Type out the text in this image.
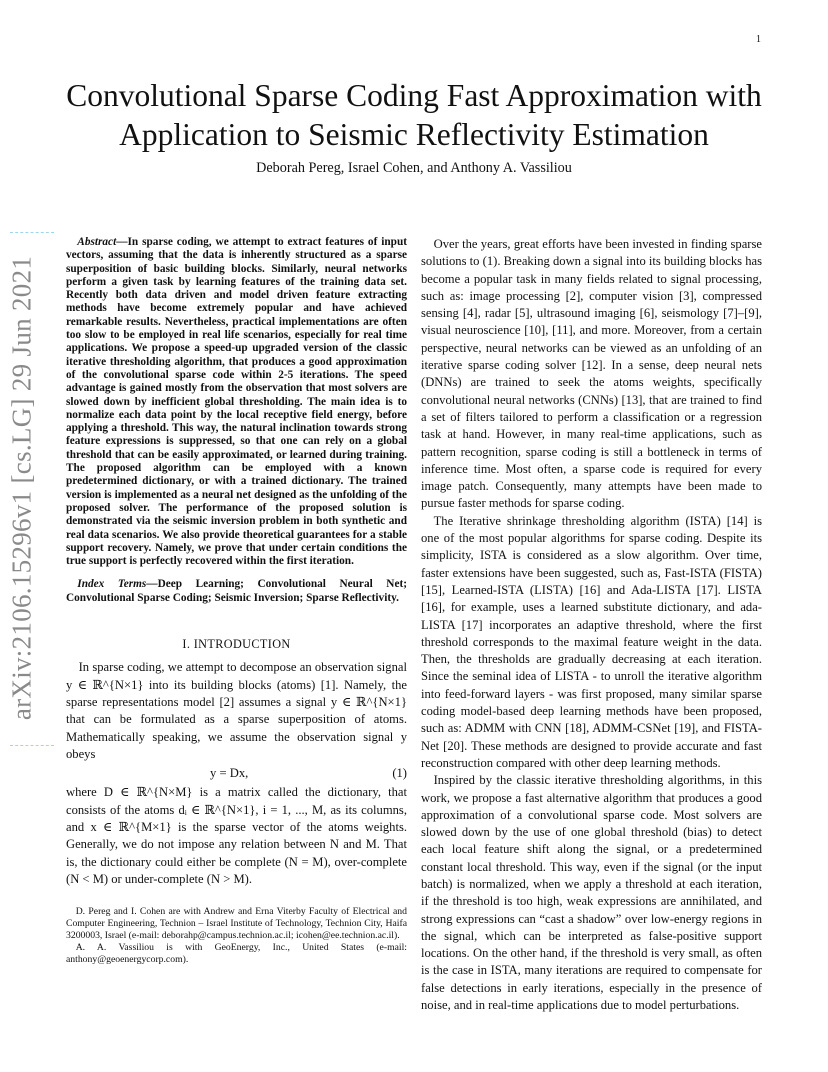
1
Convolutional Sparse Coding Fast Approximation with Application to Seismic Reflectivity Estimation
Deborah Pereg, Israel Cohen, and Anthony A. Vassiliou
arXiv:2106.15296v1 [cs.LG] 29 Jun 2021

Abstract—In sparse coding, we attempt to extract features of input vectors, assuming that the data is inherently structured as a sparse superposition of basic building blocks. Similarly, neural networks perform a given task by learning features of the training data set. Recently both data driven and model driven feature extracting methods have become extremely popular and have achieved remarkable results. Nevertheless, practical implementations are often too slow to be employed in real life scenarios, especially for real time applications. We propose a speed-up upgraded version of the classic iterative thresholding algorithm, that produces a good approximation of the convolutional sparse code within 2-5 iterations. The speed advantage is gained mostly from the observation that most solvers are slowed down by inefficient global thresholding. The main idea is to normalize each data point by the local receptive field energy, before applying a threshold. This way, the natural inclination towards strong feature expressions is suppressed, so that one can rely on a global threshold that can be easily approximated, or learned during training. The proposed algorithm can be employed with a known predetermined dictionary, or with a trained dictionary. The trained version is implemented as a neural net designed as the unfolding of the proposed solver. The performance of the proposed solution is demonstrated via the seismic inversion problem in both synthetic and real data scenarios. We also provide theoretical guarantees for a stable support recovery. Namely, we prove that under certain conditions the true support is perfectly recovered within the first iteration.

Index Terms—Deep Learning; Convolutional Neural Net; Convolutional Sparse Coding; Seismic Inversion; Sparse Reflectivity.

I. INTRODUCTION

In sparse coding, we attempt to decompose an observation signal y ∈ ℝ^{N×1} into its building blocks (atoms) [1]. Namely, the sparse representations model [2] assumes a signal y ∈ ℝ^{N×1} that can be formulated as a sparse superposition of atoms. Mathematically speaking, we assume the observation signal y obeys

y = Dx,	(1)

where D ∈ ℝ^{N×M} is a matrix called the dictionary, that consists of the atoms dᵢ ∈ ℝ^{N×1}, i = 1, ..., M, as its columns, and x ∈ ℝ^{M×1} is the sparse vector of the atoms weights. Generally, we do not impose any relation between N and M. That is, the dictionary could either be complete (N = M), over-complete (N < M) or under-complete (N > M).

D. Pereg and I. Cohen are with Andrew and Erna Viterby Faculty of Electrical and Computer Engineering, Technion – Israel Institute of Technology, Technion City, Haifa 3200003, Israel (e-mail: deborahp@campus.technion.ac.il; icohen@ee.technion.ac.il).

A. A. Vassiliou is with GeoEnergy, Inc., United States (e-mail: anthony@geoenergycorp.com).

Over the years, great efforts have been invested in finding sparse solutions to (1). Breaking down a signal into its building blocks has become a popular task in many fields related to signal processing, such as: image processing [2], computer vision [3], compressed sensing [4], radar [5], ultrasound imaging [6], seismology [7]–[9], visual neuroscience [10], [11], and more. Moreover, from a certain perspective, neural networks can be viewed as an unfolding of an iterative sparse coding solver [12]. In a sense, deep neural nets (DNNs) are trained to seek the atoms weights, specifically convolutional neural networks (CNNs) [13], that are trained to find a set of filters tailored to perform a classification or a regression task at hand. However, in many real-time applications, such as pattern recognition, sparse coding is still a bottleneck in terms of inference time. Most often, a sparse code is required for every image patch. Consequently, many attempts have been made to pursue faster methods for sparse coding.

The Iterative shrinkage thresholding algorithm (ISTA) [14] is one of the most popular algorithms for sparse coding. Despite its simplicity, ISTA is considered as a slow algorithm. Over time, faster extensions have been suggested, such as, Fast-ISTA (FISTA) [15], Learned-ISTA (LISTA) [16] and Ada-LISTA [17]. LISTA [16], for example, uses a learned substitute dictionary, and ada-LISTA [17] incorporates an adaptive threshold, where the first threshold corresponds to the maximal feature weight in the data. Then, the thresholds are gradually decreasing at each iteration. Since the seminal idea of LISTA - to unroll the iterative algorithm into feed-forward layers - was first proposed, many similar sparse coding model-based deep learning methods have been proposed, such as: ADMM with CNN [18], ADMM-CSNet [19], and FISTA-Net [20]. These methods are designed to provide accurate and fast reconstruction compared with other deep learning methods.

Inspired by the classic iterative thresholding algorithms, in this work, we propose a fast alternative algorithm that produces a good approximation of a convolutional sparse code. Most solvers are slowed down by the use of one global threshold (bias) to detect each local feature shift along the signal, or a predetermined constant local threshold. This way, even if the signal (or the input batch) is normalized, when we apply a threshold at each iteration, if the threshold is too high, weak expressions are annihilated, and strong expressions can “cast a shadow” over low-energy regions in the signal, which can be interpreted as false-positive support locations. On the other hand, if the threshold is very small, as often is the case in ISTA, many iterations are required to compensate for false detections in early iterations, especially in the presence of noise, and in real-time applications due to model perturbations.
